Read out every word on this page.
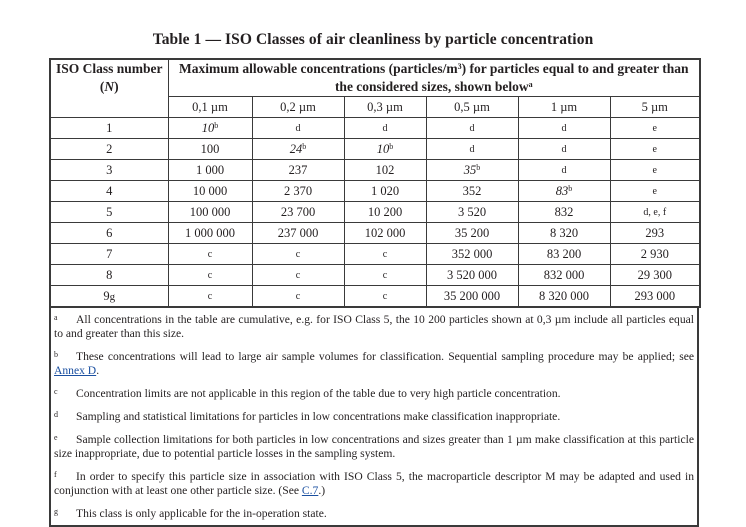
Table 1 — ISO Classes of air cleanliness by particle concentration
ISO Class number
(N)	Maximum allowable concentrations $(particles/m^3)$ for particles equal to and greater than the considered sizes, shown below$^a$
	0,1 µm	0,2 µm	0,3 µm	0,5 µm	1 µm	5 µm
1	10$^b$	d	d	d	d	e
2	100	24$^b$	10$^b$	d	d	e
3	1 000	237	102	35$^b$	d	e
4	10 000	2 370	1 020	352	83$^b$	e
5	100 000	23 700	10 200	3 520	832	d, e, f
6	1 000 000	237 000	102 000	35 200	8 320	293
7	c	c	c	352 000	83 200	2 930
8	c	c	c	3 520 000	832 000	29 300
9g	c	c	c	35 200 000	8 320 000	293 000
a All concentrations in the table are cumulative, e.g. for ISO Class 5, the 10 200 particles shown at 0,3 µm include all particles equal to and greater than this size.
b These concentrations will lead to large air sample volumes for classification. Sequential sampling procedure may be applied; see Annex D.
c Concentration limits are not applicable in this region of the table due to very high particle concentration.
d Sampling and statistical limitations for particles in low concentrations make classification inappropriate.
e Sample collection limitations for both particles in low concentrations and sizes greater than 1 µm make classification at this particle size inappropriate, due to potential particle losses in the sampling system.
f In order to specify this particle size in association with ISO Class 5, the macroparticle descriptor M may be adapted and used in conjunction with at least one other particle size. (See C.7.)
g This class is only applicable for the in-operation state.
